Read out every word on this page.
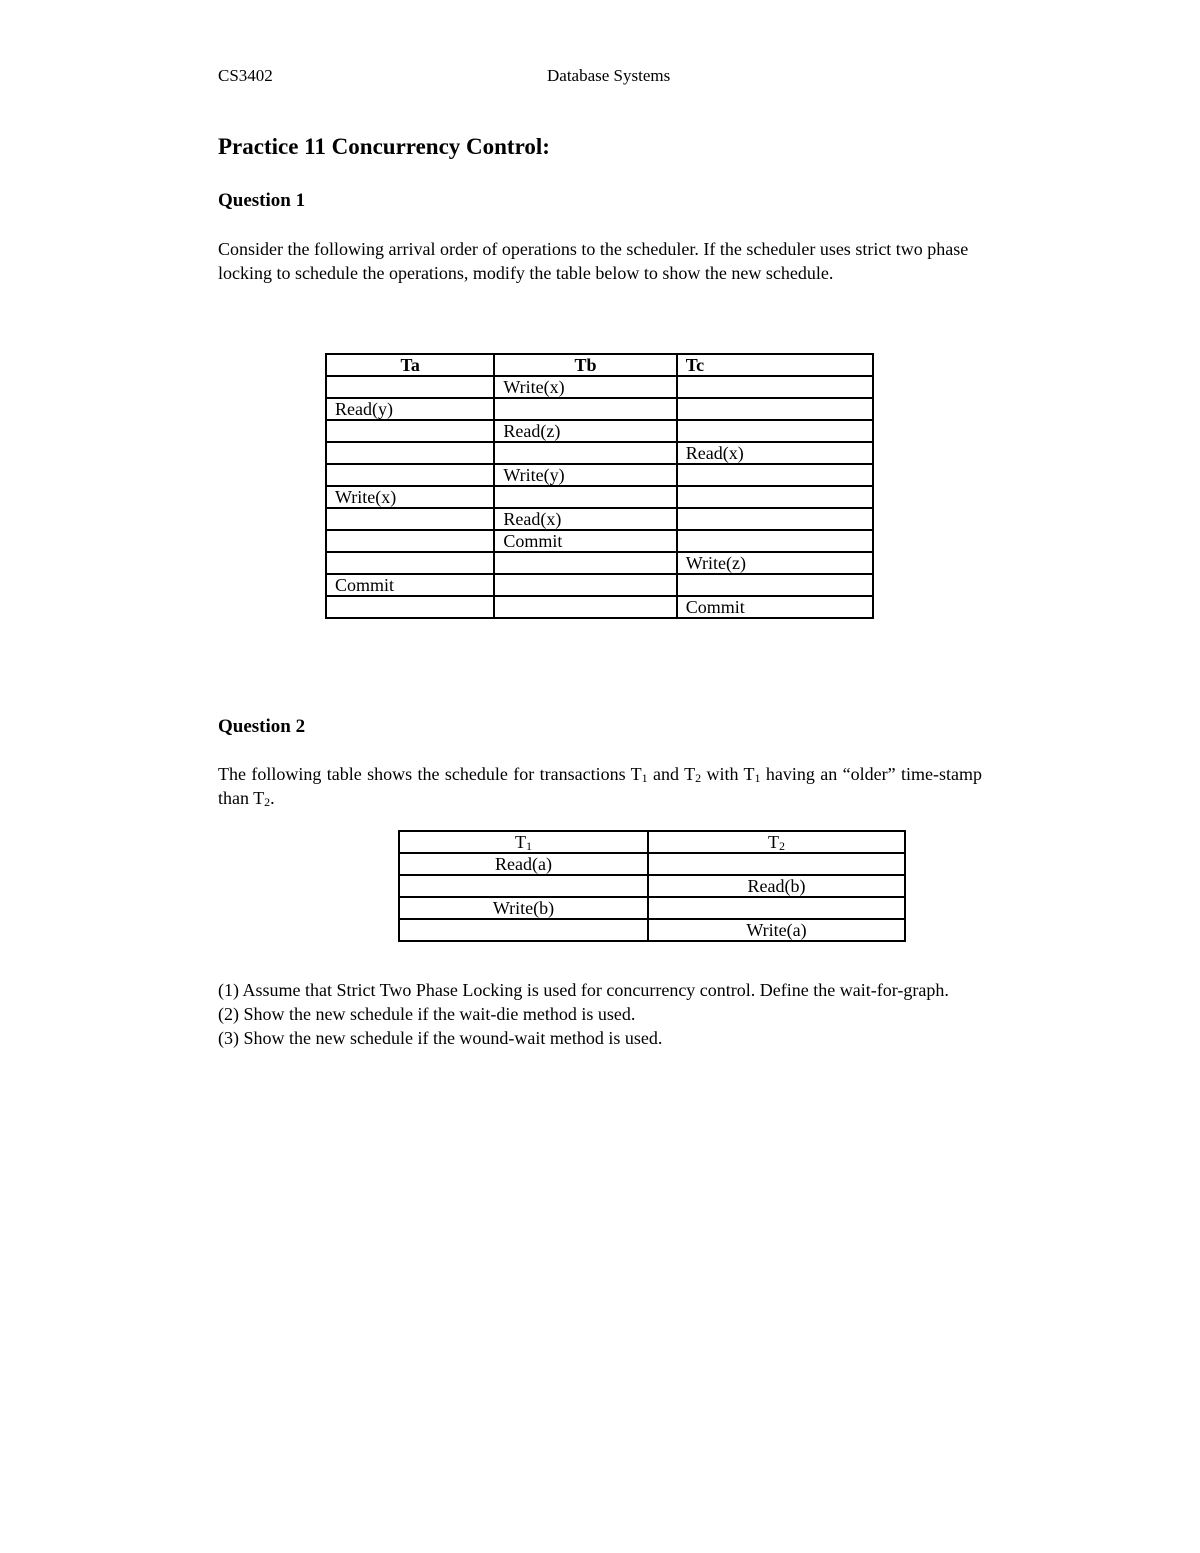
CS3402	Database Systems
Practice 11 Concurrency Control:
Question 1

Consider the following arrival order of operations to the scheduler. If the scheduler uses strict two phase locking to schedule the operations, modify the table below to show the new schedule.

Ta	Tb	Tc
	Write(x)	
Read(y)		
	Read(z)	
		Read(x)
	Write(y)	
Write(x)		
	Read(x)	
	Commit	
		Write(z)
Commit		
		Commit
Question 2

The following table shows the schedule for transactions $T_1$ and $T_2$ with $T_1$ having an “older” time-stamp than $T_2$.

$T_1$	$T_2$
Read(a)	
	Read(b)
Write(b)	
	Write(a)
(1) Assume that Strict Two Phase Locking is used for concurrency control. Define the wait-for-graph.
(2) Show the new schedule if the wait-die method is used.
(3) Show the new schedule if the wound-wait method is used.
